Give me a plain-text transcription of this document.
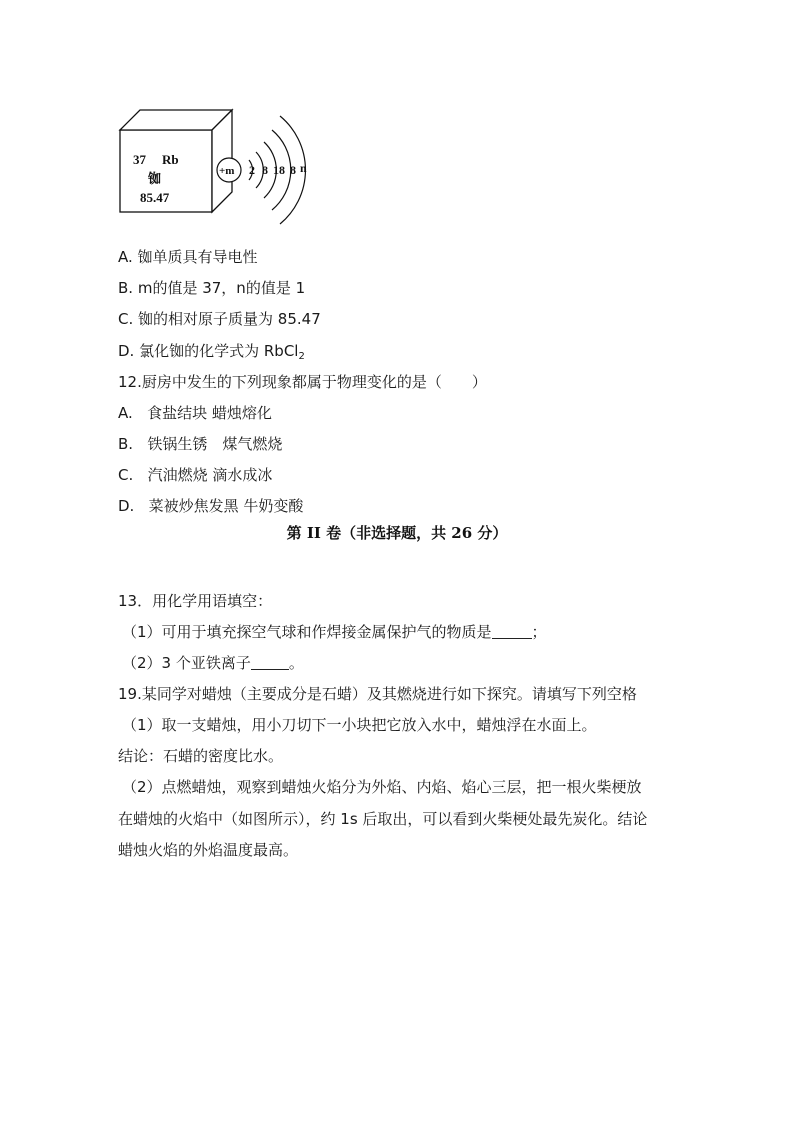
37 Rb
铷
85.47
+m 2 8 18 8 n
A. 铷单质具有导电性
B. m的值是 37，n的值是 1
C. 铷的相对原子质量为 85.47
D. 氯化铷的化学式为 RbCl$_2$
12.厨房中发生的下列现象都属于物理变化的是（　　）
A. 食盐结块 蜡烛熔化
B. 铁锅生锈　煤气燃烧
C. 汽油燃烧 滴水成冰
D. 菜被炒焦发黑 牛奶变酸
第 II 卷（非选择题，共 26 分）
13．用化学用语填空：
（1）可用于填充探空气球和作焊接金属保护气的物质是	；
（2）3 个亚铁离子	。
19.某同学对蜡烛（主要成分是石蜡）及其燃烧进行如下探究。请填写下列空格
（1）取一支蜡烛，用小刀切下一小块把它放入水中，蜡烛浮在水面上。
结论：石蜡的密度比水。
（2）点燃蜡烛，观察到蜡烛火焰分为外焰、内焰、焰心三层，把一根火柴梗放
在蜡烛的火焰中（如图所示），约 1s 后取出，可以看到火柴梗处最先炭化。结论
蜡烛火焰的外焰温度最高。
